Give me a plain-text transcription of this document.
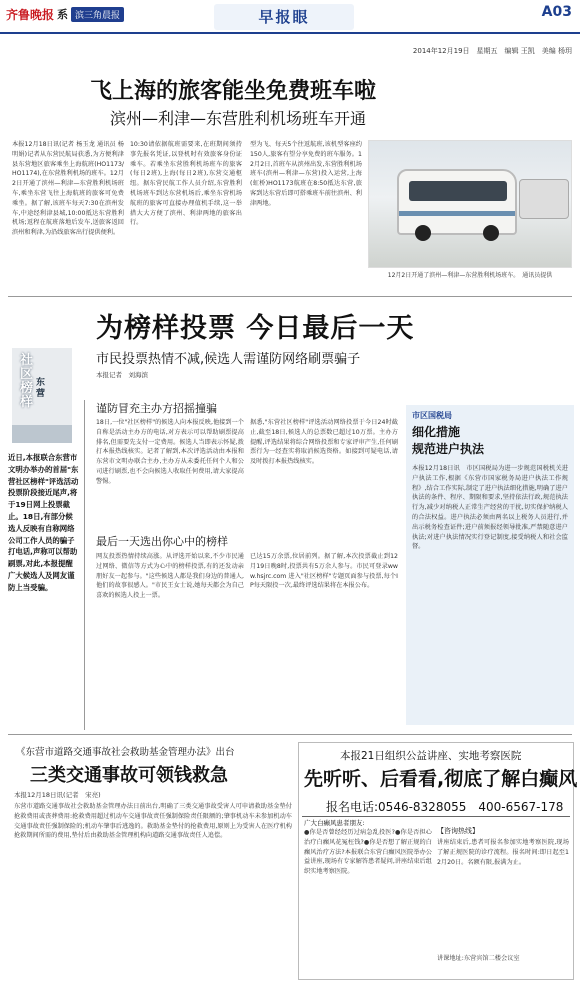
齐鲁晚报 系 滨三角晨报	早报眼	A03
2014年12月19日　星期五　编辑 王凯　美编 杨玥
飞上海的旅客能坐免费班车啦
滨州—利津—东营胜利机场班车开通
本报12月18日讯(记者 杨玉龙 通讯员 杨明娟)记者从东营民航局获悉,为方便利津县东营地区旅客乘坐上海航班(HO1173/HO1174),在东营胜利机场的班车。12月2日开通了滨州—利津—东营胜利机场班车,乘坐东营飞往上海航班的旅客可免费乘坐。据了解,该班车每天7:30在滨州发车,中途经利津县城,10:00抵达东营胜利机场;返程在航班落地后发车,送旅客返回滨州和利津,为沿线旅客出行提供便利。
10:30请依据航班需要来,在班期间须持事先报名凭证,以登机时有效旅客身份证乘车。若乘坐东营胜利机场班车的旅客(每日2班),上海(每日2班),东营交通枢纽。据东营民航工作人员介绍,东营胜利机场班车到达东营机场后,乘坐东营机场航班的旅客可直接办理值机手续,这一举措大大方便了滨州、利津两地的旅客出行。
型为飞、每天5个往返航班,该机型客座约150人,旅客有望分享免费的班车服务。12月2日,首班车从滨州出发,东营胜利机场班车(滨州—利津—东营)投入运营,上海(虹桥)HO1173航班在8:50抵达东营,旅客到达东营后即可搭乘班车前往滨州、利津两地。
12月2日开通了滨州—利津—东营胜利机场班车。　通讯员提供
为榜样投票 今日最后一天
市民投票热情不减,候选人需谨防网络刷票骗子
本报记者　刘海滨
社区榜样
东营
近日,本报联合东营市文明办举办的首届"东营社区榜样"评选活动投票阶段接近尾声,将于19日网上投票截止。18日,有部分候选人反映有自称网络公司工作人员的骗子打电话,声称可以帮助刷票,对此,本报提醒广大候选人及网友谨防上当受骗。
谨防冒充主办方招摇撞骗
18日,一位"社区榜样"的候选人向本报反映,他接到一个自称是活动主办方的电话,对方表示可以帮助刷票提高排名,但需要先支付一定费用。候选人当即表示怀疑,拨打本报热线核实。记者了解到,本次评选活动由本报和东营市文明办联合主办,主办方从未委托任何个人和公司进行刷票,也不会向候选人收取任何费用,请大家提高警惕。
据悉,"东营社区榜样"评选活动网络投票于今日24时截止,截至18日,候选人的总票数已超过10万票。主办方提醒,评选结果将综合网络投票和专家评审产生,任何刷票行为一经查实将取消候选资格。如接到可疑电话,请及时拨打本报热线核实。
最后一天选出你心中的榜样
网友投票热情持续高涨。从评选开始以来,不少市民通过网络、微信等方式为心中的榜样投票,有的还发动亲朋好友一起参与。"这些候选人都是我们身边的普通人,他们的故事很感人。"市民王女士说,她每天都会为自己喜欢的候选人投上一票。
已达15万余票,位居前列。据了解,本次投票截止到12月19日晚8时,投票共有5万余人参与。市民可登录www.hsjrc.com 进入"社区榜样"专题页面参与投票,每个IP每天限投一次,最终评选结果将在本报公布。
市区国税局
细化措施
规范进户执法
本报12月18日讯　市区国税局为进一步规范国税机关进户执法工作,根据《东营市国家税务局进户执法工作规程》,结合工作实际,制定了进户执法细化措施,明确了进户执法的条件、程序、期限和要求,坚持依法行政,规范执法行为,减少对纳税人正常生产经营的干扰,切实保护纳税人的合法权益。进户执法必须由两名以上税务人员进行,并出示税务检查证件;进户前须报经领导批准,严禁随意进户执法;对进户执法情况实行登记制度,接受纳税人和社会监督。
《东营市道路交通事故社会救助基金管理办法》出台
三类交通事故可领钱救急
本报12月18日讯(记者　宋亮)
东营市道路交通事故社会救助基金管理办法日前出台,明确了三类交通事故受害人可申请救助基金垫付抢救费用或丧葬费用:抢救费用超过机动车交通事故责任强制保险责任限额的;肇事机动车未参加机动车交通事故责任强制保险的;机动车肇事后逃逸的。救助基金垫付的抢救费用,原则上为受害人在医疗机构抢救期间所需的费用,垫付后由救助基金管理机构向道路交通事故责任人追偿。
本报21日组织公益讲座、实地考察医院
先听听、后看看,彻底了解白癫风
报名电话:0546-8328055　400-6567-178
广大白癫风患者朋友:
●你是否曾经经历过病急乱投医?●你是否担心治疗白癫风花冤枉钱?●你是否想了解正规的白癫风治疗方法?本报联合东营白癫风医院举办公益讲座,现场有专家解答患者疑问,讲座结束后组织实地考察医院。
【咨询热线】
讲座结束后,患者可报名参加实地考察医院,现场了解正规医院的诊疗流程。报名时间:即日起至12月20日。名额有限,报满为止。
讲课地址:东营宾馆二楼会议室
